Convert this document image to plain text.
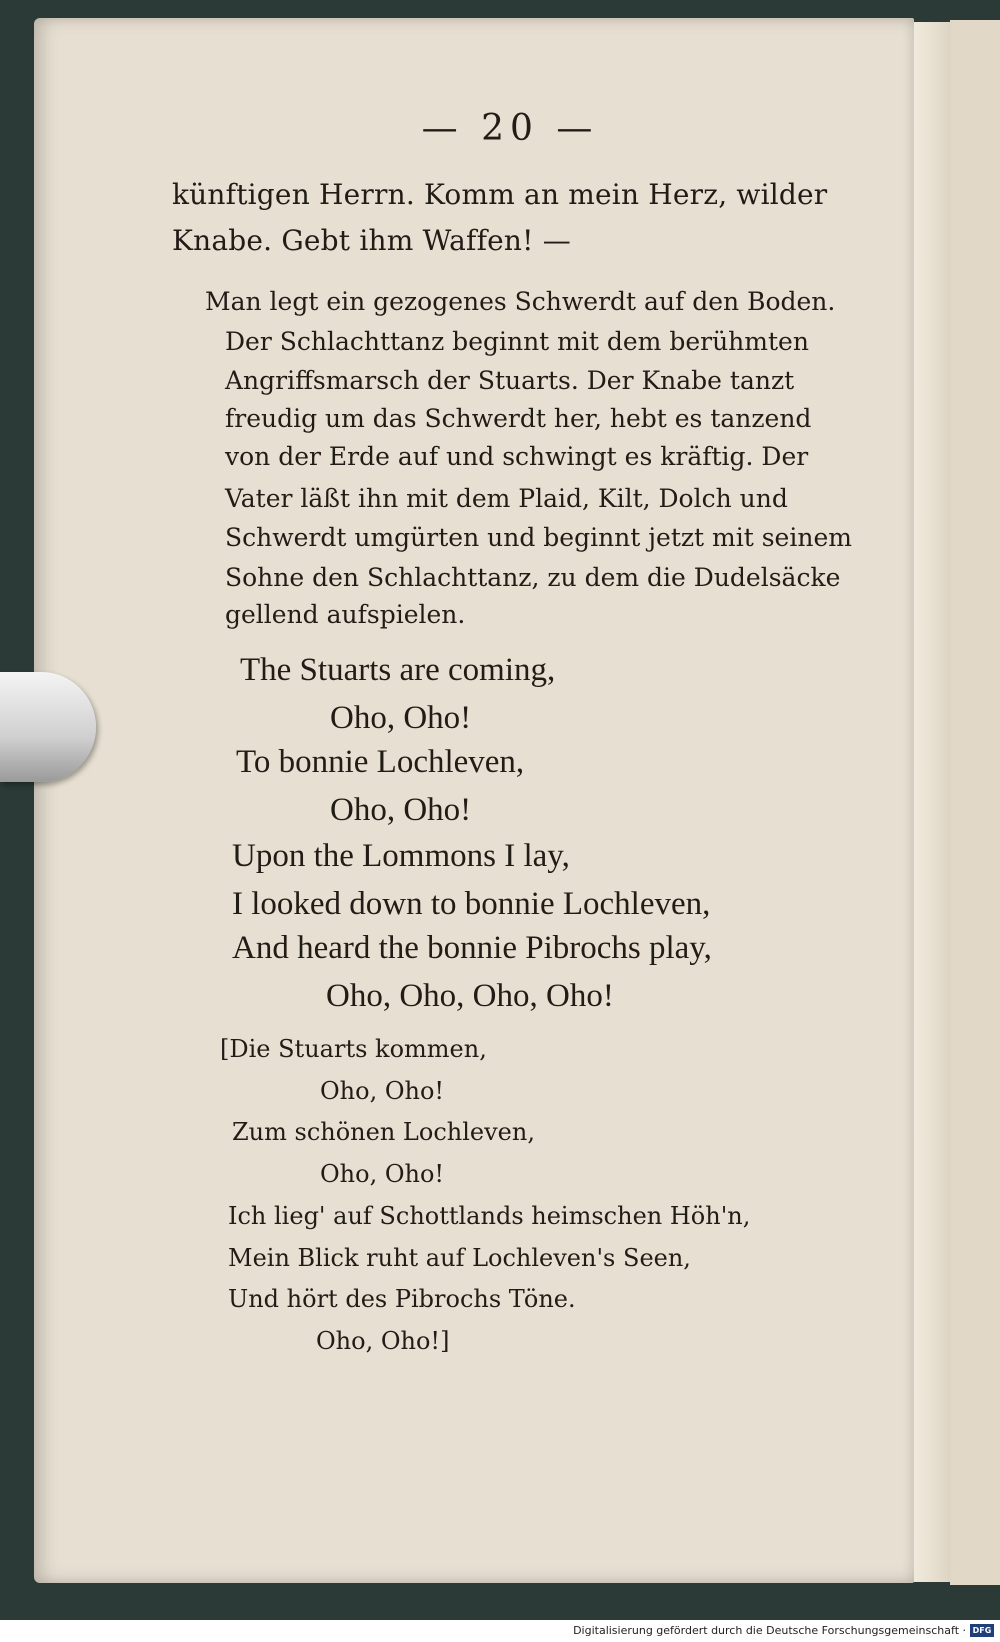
— 20 —

künftigen Herrn. Komm an mein Herz, wilder

Knabe. Gebt ihm Waffen! —

Man legt ein gezogenes Schwerdt auf den Boden.

Der Schlachttanz beginnt mit dem berühmten

Angriffsmarsch der Stuarts. Der Knabe tanzt

freudig um das Schwerdt her, hebt es tanzend

von der Erde auf und schwingt es kräftig. Der

Vater läßt ihn mit dem Plaid, Kilt, Dolch und

Schwerdt umgürten und beginnt jetzt mit seinem

Sohne den Schlachttanz, zu dem die Dudelsäcke

gellend aufspielen.

The Stuarts are coming,

Oho, Oho!

To bonnie Lochleven,

Oho, Oho!

Upon the Lommons I lay,

I looked down to bonnie Lochleven,

And heard the bonnie Pibrochs play,

Oho, Oho, Oho, Oho!

[Die Stuarts kommen,

Oho, Oho!

Zum schönen Lochleven,

Oho, Oho!

Ich lieg' auf Schottlands heimschen Höh'n,

Mein Blick ruht auf Lochleven's Seen,

Und hört des Pibrochs Töne.

Oho, Oho!]

Digitalisierung gefördert durch die Deutsche Forschungsgemeinschaft · DFG
